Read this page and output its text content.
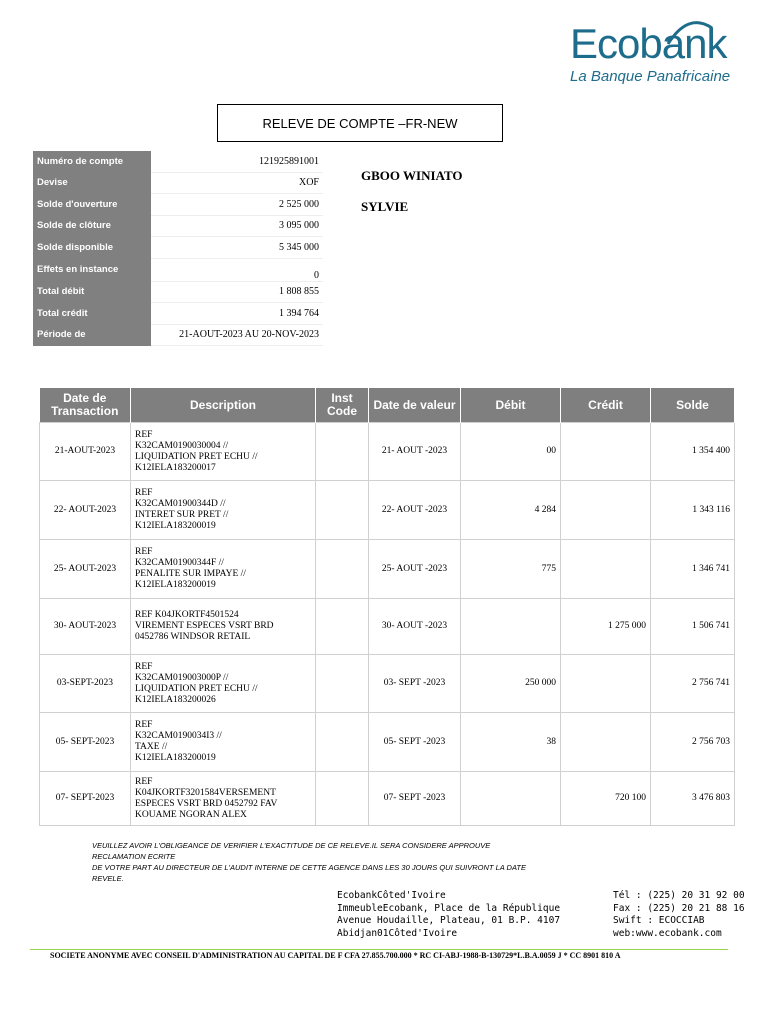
Ecobank
La Banque Panafricaine
RELEVE DE COMPTE –FR-NEW
Numéro de compte	121925891001
Devise	XOF
Solde d'ouverture	2 525 000
Solde de clôture	3 095 000
Solde disponible	5 345 000
Effets en instance	0
Total débit	1 808 855
Total crédit	1 394 764
Période de	21-AOUT-2023 AU 20-NOV-2023
GBOO WINIATO
SYLVIE
Date de Transaction	Description	Inst Code	Date de valeur	Débit	Crédit	Solde
21-AOUT-2023	REF
K32CAM0190030004 //
LIQUIDATION PRET ECHU //
K12IELA183200017		21- AOUT -2023	00		1 354 400
22- AOUT-2023	REF
K32CAM01900344D //
INTERET SUR PRET //
K12IELA183200019		22- AOUT -2023	4 284		1 343 116
25- AOUT-2023	REF
K32CAM01900344F //
PENALITE SUR IMPAYE //
K12IELA183200019		25- AOUT -2023	775		1 346 741
30- AOUT-2023	REF K04JKORTF4501524
VIREMENT ESPECES VSRT BRD
0452786 WINDSOR RETAIL		30- AOUT -2023		1 275 000	1 506 741
03-SEPT-2023	REF
K32CAM019003000P //
LIQUIDATION PRET ECHU //
K12IELA183200026		03- SEPT -2023	250 000		2 756 741
05- SEPT-2023	REF
K32CAM0190034I3 //
TAXE //
K12IELA183200019		05- SEPT -2023	38		2 756 703
07- SEPT-2023	REF
K04JKORTF3201584VERSEMENT
ESPECES VSRT BRD 0452792 FAV
KOUAME NGORAN ALEX		07- SEPT -2023		720 100	3 476 803
VEUILLEZ AVOIR L'OBLIGEANCE DE VERIFIER L'EXACTITUDE DE CE RELEVE.IL SERA CONSIDERE APPROUVE
RECLAMATION ECRITE
DE VOTRE PART AU DIRECTEUR DE L'AUDIT INTERNE DE CETTE AGENCE DANS LES 30 JOURS QUI SUIVRONT LA DATE
REVELE.
EcobankCôted'Ivoire
ImmeubleEcobank, Place de la République
Avenue Houdaille, Plateau, 01 B.P. 4107
Abidjan01Côted'Ivoire
Tél : (225) 20 31 92 00
Fax : (225) 20 21 88 16
Swift : ECOCCIAB
web:www.ecobank.com
SOCIETE ANONYME AVEC CONSEIL D'ADMINISTRATION AU CAPITAL DE F CFA 27.855.700.000 * RC CI-ABJ-1988-B-130729*L.B.A.0059 J * CC 8901 810 A
